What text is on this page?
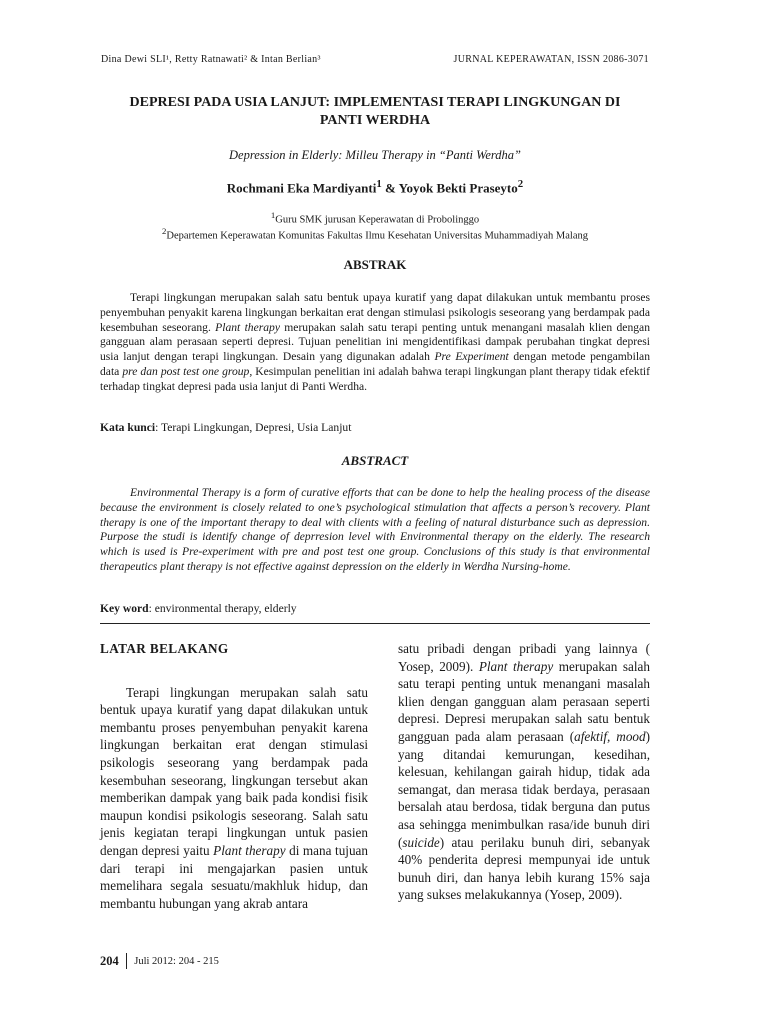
Dina Dewi SLI¹, Retty Ratnawati² & Intan Berlian³	JURNAL KEPERAWATAN, ISSN 2086-3071
DEPRESI PADA USIA LANJUT: IMPLEMENTASI TERAPI LINGKUNGAN DI
PANTI WERDHA
Depression in Elderly: Milleu Therapy in “Panti Werdha”
Rochmani Eka Mardiyanti$^1$ & Yoyok Bekti Praseyto$^2$
$^1$Guru SMK jurusan Keperawatan di Probolinggo
$^2$Departemen Keperawatan Komunitas Fakultas Ilmu Kesehatan Universitas Muhammadiyah Malang
ABSTRAK
Terapi lingkungan merupakan salah satu bentuk upaya kuratif yang dapat dilakukan untuk membantu proses penyembuhan penyakit karena lingkungan berkaitan erat dengan stimulasi psikologis seseorang yang berdampak pada kesembuhan seseorang. Plant therapy merupakan salah satu terapi penting untuk menangani masalah klien dengan gangguan alam perasaan seperti depresi. Tujuan penelitian ini mengidentifikasi dampak perubahan tingkat depresi usia lanjut dengan terapi lingkungan. Desain yang digunakan adalah Pre Experiment dengan metode pengambilan data pre dan post test one group, Kesimpulan penelitian ini adalah bahwa terapi lingkungan plant therapy tidak efektif terhadap tingkat depresi pada usia lanjut di Panti Werdha.
Kata kunci: Terapi Lingkungan, Depresi, Usia Lanjut
ABSTRACT
Environmental Therapy is a form of curative efforts that can be done to help the healing process of the disease because the environment is closely related to one’s psychological stimulation that affects a person’s recovery. Plant therapy is one of the important therapy to deal with clients with a feeling of natural disturbance such as depression. Purpose the studi is identify change of deprresion level with Environmental therapy on the elderly. The research which is used is Pre-experiment with pre and post test one group. Conclusions of this study is that environmental therapeutics plant therapy is not effective against depression on the elderly in Werdha Nursing-home.
Key word: environmental therapy, elderly
LATAR BELAKANG

Terapi lingkungan merupakan salah satu bentuk upaya kuratif yang dapat dilakukan untuk membantu proses penyembuhan penyakit karena lingkungan berkaitan erat dengan stimulasi psikologis seseorang yang berdampak pada kesembuhan seseorang, lingkungan tersebut akan memberikan dampak yang baik pada kondisi fisik maupun kondisi psikologis seseorang. Salah satu jenis kegiatan terapi lingkungan untuk pasien dengan depresi yaitu Plant therapy di mana tujuan dari terapi ini mengajarkan pasien untuk memelihara segala sesuatu/makhluk hidup, dan membantu hubungan yang akrab antara

satu pribadi dengan pribadi yang lainnya ( Yosep, 2009). Plant therapy merupakan salah satu terapi penting untuk menangani masalah klien dengan gangguan alam perasaan seperti depresi. Depresi merupakan salah satu bentuk gangguan pada alam perasaan (afektif, mood) yang ditandai kemurungan, kesedihan, kelesuan, kehilangan gairah hidup, tidak ada semangat, dan merasa tidak berdaya, perasaan bersalah atau berdosa, tidak berguna dan putus asa sehingga menimbulkan rasa/ide bunuh diri (suicide) atau perilaku bunuh diri, sebanyak 40% penderita depresi mempunyai ide untuk bunuh diri, dan hanya lebih kurang 15% saja yang sukses melakukannya (Yosep, 2009).

204 Juli 2012: 204 - 215
